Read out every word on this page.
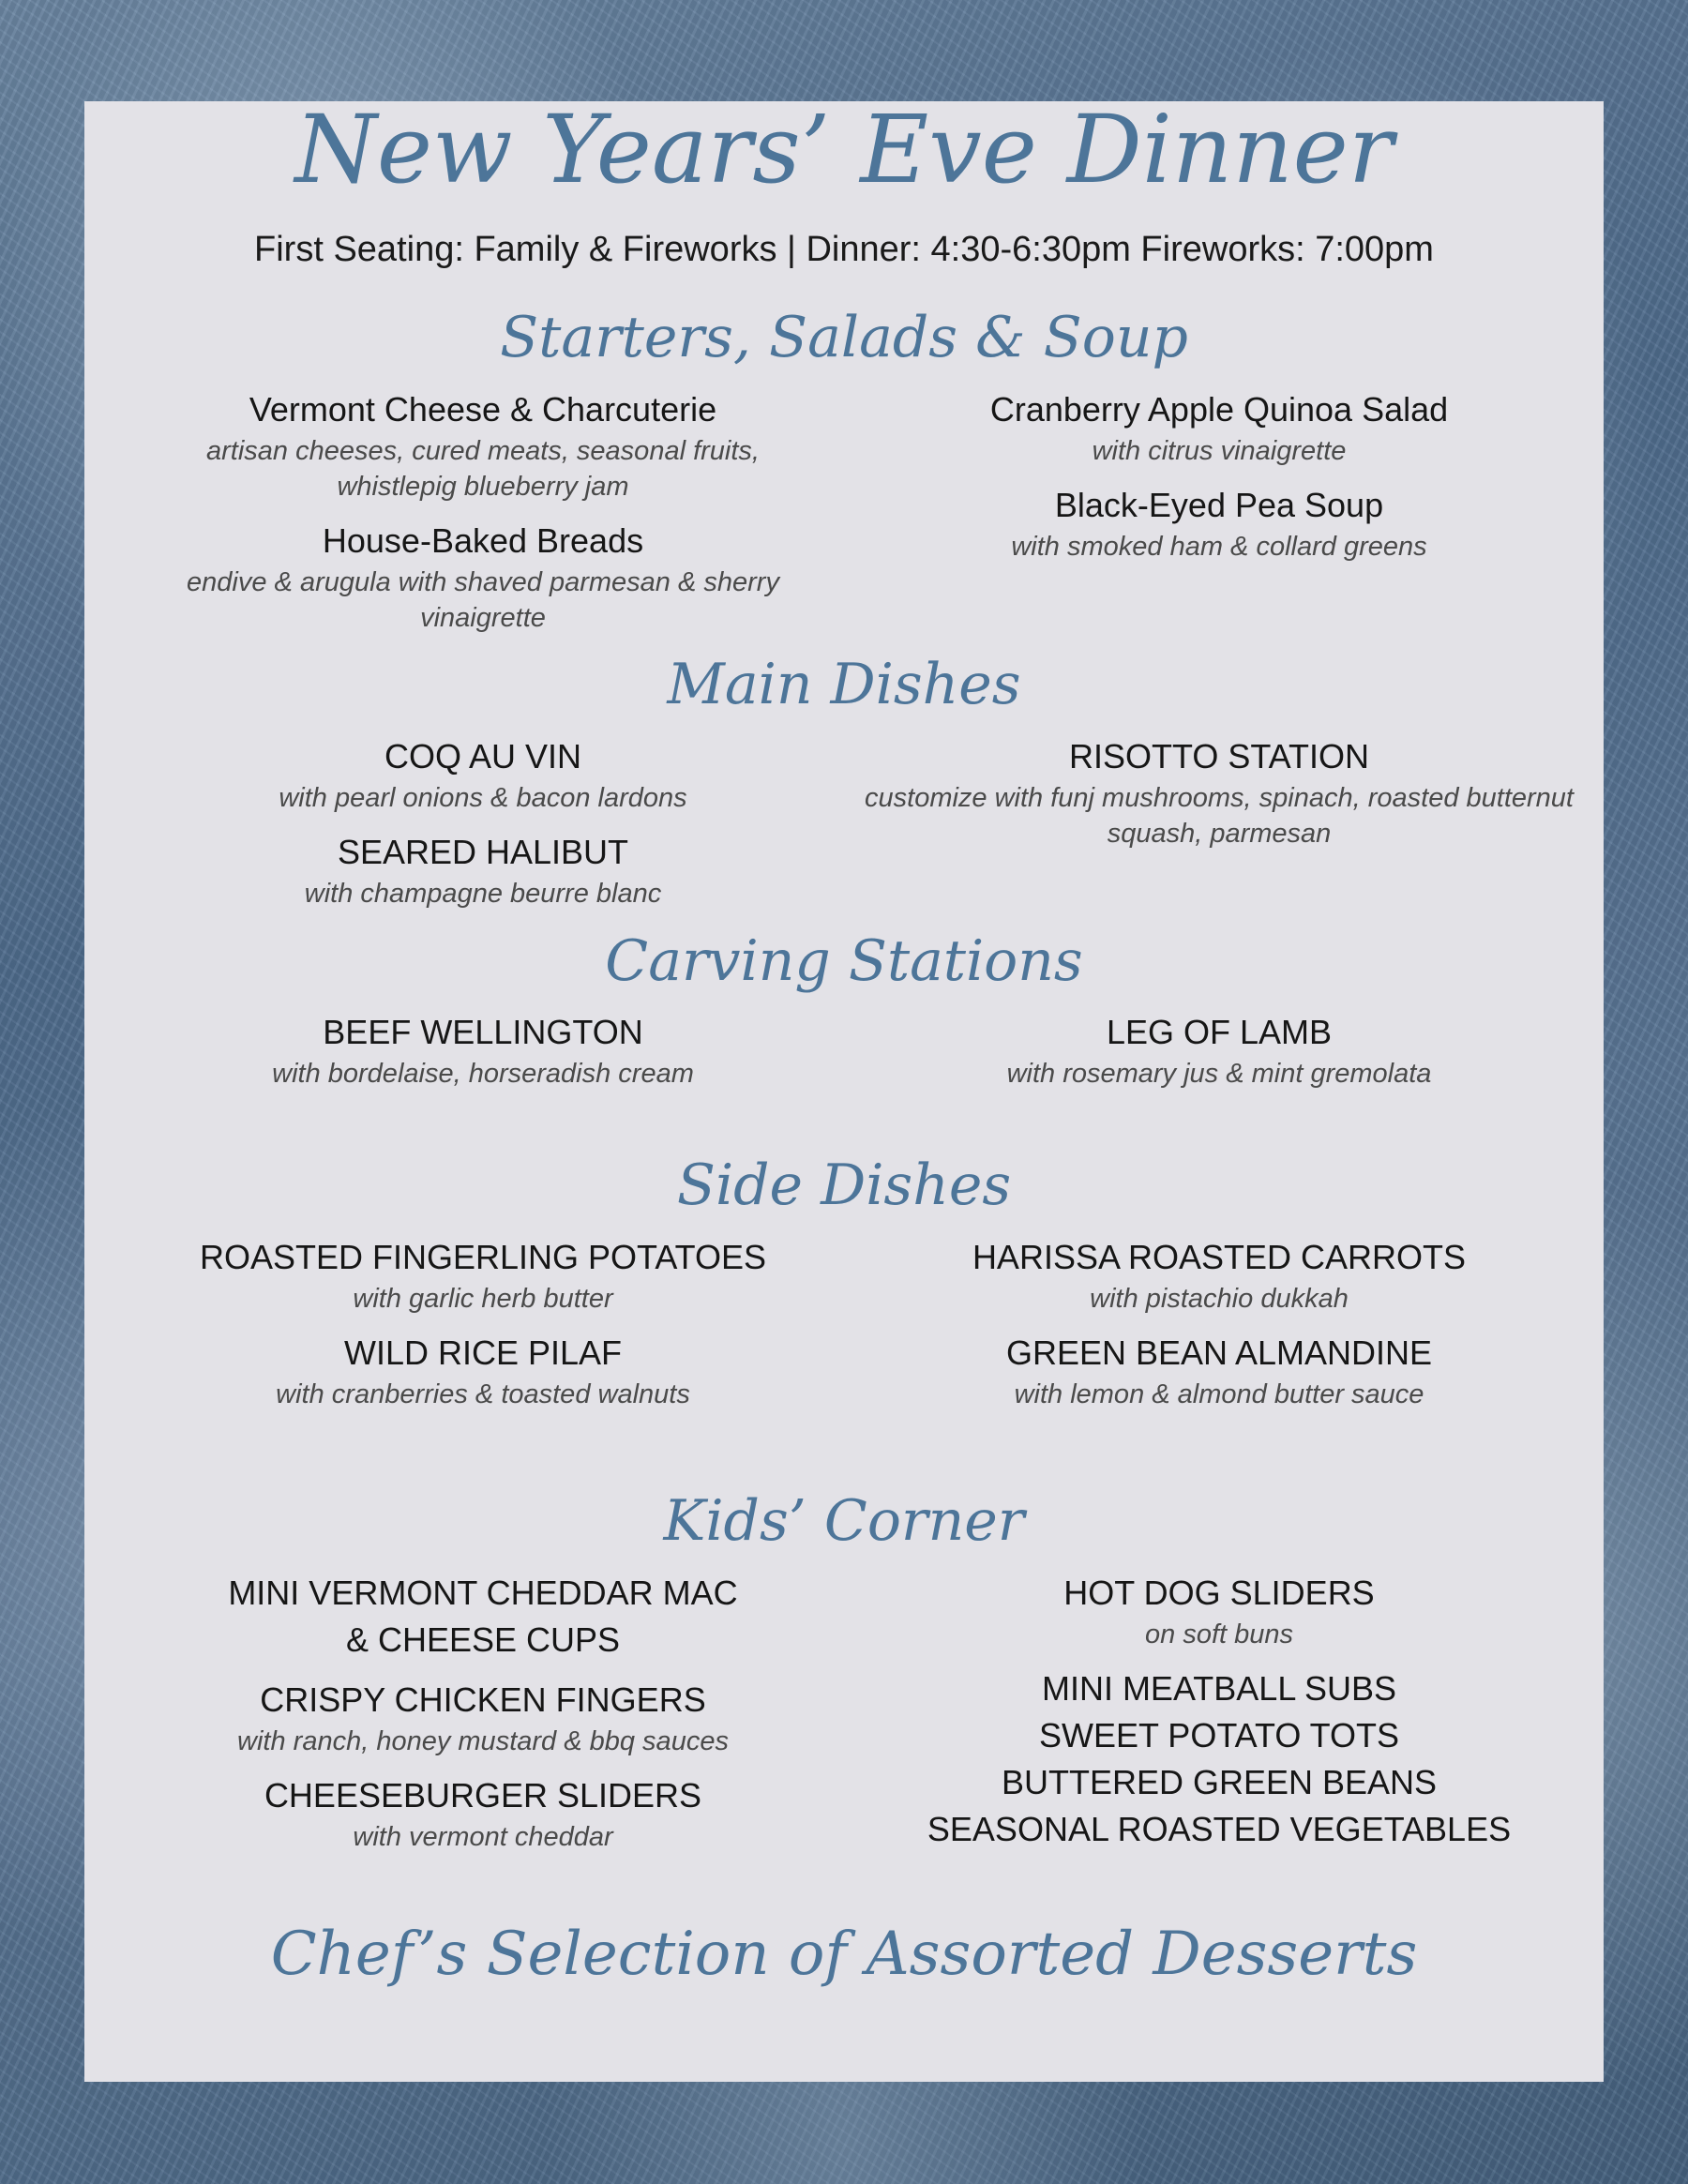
New Years’ Eve Dinner
First Seating: Family & Fireworks | Dinner: 4:30-6:30pm Fireworks: 7:00pm
Starters, Salads & Soup
Vermont Cheese & Charcuterie
artisan cheeses, cured meats, seasonal fruits, whistlepig blueberry jam
House-Baked Breads
endive & arugula with shaved parmesan & sherry vinaigrette
Cranberry Apple Quinoa Salad
with citrus vinaigrette
Black-Eyed Pea Soup
with smoked ham & collard greens
Main Dishes
COQ AU VIN
with pearl onions & bacon lardons
SEARED HALIBUT
with champagne beurre blanc
RISOTTO STATION
customize with funj mushrooms, spinach, roasted butternut squash, parmesan
Carving Stations
BEEF WELLINGTON
with bordelaise, horseradish cream
LEG OF LAMB
with rosemary jus & mint gremolata
Side Dishes
ROASTED FINGERLING POTATOES
with garlic herb butter
WILD RICE PILAF
with cranberries & toasted walnuts
HARISSA ROASTED CARROTS
with pistachio dukkah
GREEN BEAN ALMANDINE
with lemon & almond butter sauce
Kids’ Corner
MINI VERMONT CHEDDAR MAC & CHEESE CUPS
CRISPY CHICKEN FINGERS
with ranch, honey mustard & bbq sauces
CHEESEBURGER SLIDERS
with vermont cheddar
HOT DOG SLIDERS
on soft buns
MINI MEATBALL SUBS
SWEET POTATO TOTS
BUTTERED GREEN BEANS
SEASONAL ROASTED VEGETABLES
Chef’s Selection of Assorted Desserts
